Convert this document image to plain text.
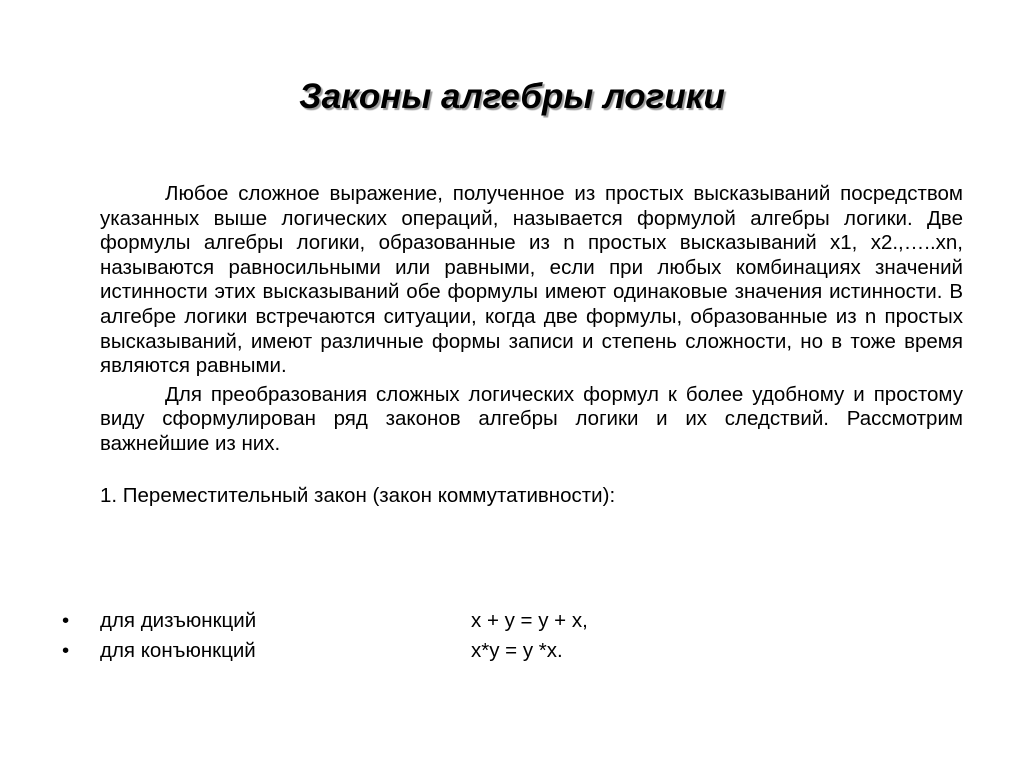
Законы алгебры логики

Любое сложное выражение, полученное из простых высказываний посредством указанных выше логических операций, называется формулой алгебры логики. Две формулы алгебры логики, образованные из n простых высказываний x1, x2.,…..xn, называются равносильными или равными, если при любых комбинациях значений истинности этих высказываний обе формулы имеют одинаковые значения истинности. В алгебре логики встречаются ситуации, когда две формулы, образованные из n простых высказываний, имеют различные формы записи и степень сложности, но в тоже время являются равными.

Для преобразования сложных логических формул к более удобному и простому виду сформулирован ряд законов алгебры логики и их следствий. Рассмотрим важнейшие из них.

1. Переместительный закон (закон коммутативности):

• для дизъюнкций	x + y = y + x,
• для конъюнкций	x*y = y *x.
